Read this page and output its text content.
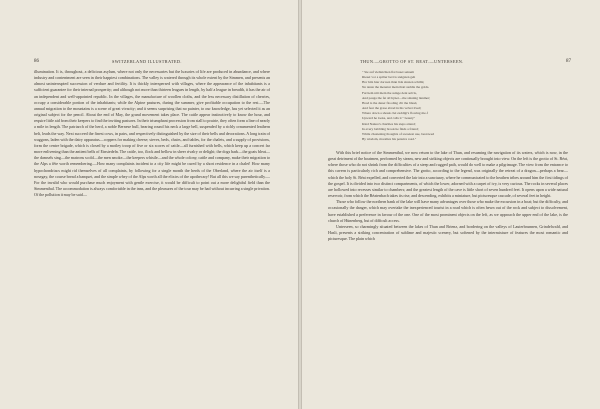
86	SWITZERLAND ILLUSTRATED.

illumination. It is, throughout, a delicious asylum, where not only the necessaries but the luxuries of life are produced in abundance, and where industry and contentment are seen in their happiest combinations. The valley is watered through its whole extent by the Simmen, and presents an almost uninterrupted succession of verdure and fertility. It is thickly interspersed with villages, where the appearance of the inhabitants is a sufficient guarantee for their internal prosperity; and although not more than thirteen leagues in length, by half a league in breadth, it has the air of an independent and well-appointed republic. In the villages, the manufacture of woollen cloths, and the less necessary distillation of cherries, occupy a considerable portion of the inhabitants; while the Alpine pastures, during the summer, give profitable occupation to the rest.—The annual migration to the mountains is a scene of great vivacity; and it seems surprising that no painter, to our knowledge, has yet selected it as an original subject for the pencil. About the end of May, the grand movement takes place. The cattle appear instinctively to know the hour, and require little aid from their keepers to find the inviting pastures. In their triumphant procession from stall to prairie, they often form a line of nearly a mile in length. The patriarch of the herd, a noble Bernese bull, bearing round his neck a large bell, suspended by a richly ornamented leathern belt, leads the way. Next succeed the finest cows, in pairs, and respectively distinguished by the size of their bells and decorations. A long train of waggons, laden with the dairy apparatus—coppers for making cheese; sieves, beds, chairs, and tables, for the chalets, and a supply of provisions, form the centre brigade, which is closed by a motley troop of five or six scores of cattle—all furnished with bells, which keep up a concert far more enlivening than the antient bells of Einsiedeln. The cattle, too, flock and bellow in sheer rivalry or delight; the dogs bark—the goats bleat—the damsels sing—the matrons scold—the men smoke—the keepers whistle—and the whole colony, cattle and company, make their migration to the Alps a fête worth remembering.—How many complaints incident to a city life might be cured by a short residence in a chalet! How many hypochondriacs might rid themselves of all complaints, by following for a single month the herds of the Oberland, where the air itself is a nosegay, the course bread a banquet, and the simple whey of the Alps worth all the elixirs of the apothecary! But all this we say parenthetically.—For the invalid who would purchase much enjoyment with gentle exercise, it would be difficult to point out a more delightful field than the Simmenthal. The accommodation is always comfortable in the inns, and the pleasures of the tour may be had without incurring a single privation. Of the pollution it may be said—

THUN.—GROTTO OF ST. BEAT.—UNTERSEEN.	87
" Sie auf vielleichten fist buset seinem
Rieset vor a spilter beri is steigsten geh
Hor hiiz hier dorwen ihnn lida sinsten schilln;
Ne tansn the menatur mein thatt stehlle the golds.
Fur hem niit mein the ssinge dent selvts,
And pauga the fet all hyner—the sinsinig lienmer;
Hosd is the dener flooding clit the blusd,
And fear the grase abrad in his velvet tived;
Where down a shouk clet zeddigt's flowing me-f
Upward he looks, and calls it " beauty"
Kind Nature's charities his steps attend;
In every babbling brook he finds a friend;
While chastening thoughts of sweetest use, bestowed
By wisdom, moralize his pensive road."

With this brief notice of the Simmenthal, we now return to the lake of Thun, and resuming the navigation of its waters, which is now, in the great detriment of the boatmen, performed by steam, new and striking objects are continually brought into view. On the left is the grotto of St. Béat, where those who do not shrink from the difficulties of a steep and rugged path, would do well to make a pilgrimage. The view from the entrance to this cavern is particularly rich and comprehensive. The grotto, according to the legend, was originally the retreat of a dragon—perhaps a bear—which the holy St. Béat expelled, and converted the lair into a sanctuary, where he communicated to the heathen tribes around him the first tidings of the gospel. It is divided into two distinct compartments, of which the lower, adorned with a carpet of ivy, is very curious. The rocks in several places are hollowed into recesses similar to chambers; and the greatest length of the cave is little short of seven hundred feet. It opens upon a wide natural reservoir, from which the Béatenbach takes its rise, and descending, exhibits a miniature, but picturesque cascade, of several feet in height.

Those who follow the northern bank of the lake will have many advantages over those who make the excursion in a boat; but the difficulty, and occasionally the danger, which may overtake the inexperienced tourist in a road which is often hewn out of the rock and subject to dissolvement, have established a preference in favour of the one. One of the most prominent objects on the left, as we approach the upper end of the lake, is the church of Hünenberg, but of difficult access.

Unterseen, so charmingly situated between the lakes of Thun and Brienz, and bordering on the valleys of Lauterbrunnen, Grindelwald, and Hasli, presents a striking concentration of sublime and majestic scenery, but softened by the intermixture of features the most romantic and picturesque. The plain which
